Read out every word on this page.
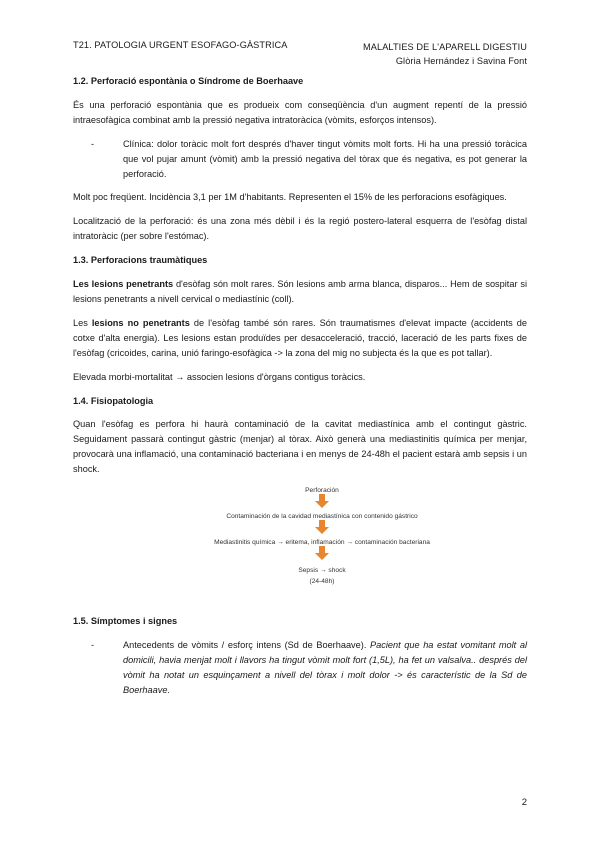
T21. PATOLOGIA URGENT ESOFAGO-GÀSTRICA	MALALTIES DE L'APARELL DIGESTIU
Glòria Hernández i Savina Font

1.2. Perforació espontània o Síndrome de Boerhaave

És una perforació espontània que es produeix com conseqüència d'un augment repentí de la pressió intraesofàgica combinat amb la pressió negativa intratoràcica (vòmits, esforços intensos).

-	Clínica: dolor toràcic molt fort després d'haver tingut vòmits molt forts. Hi ha una pressió toràcica que vol pujar amunt (vòmit) amb la pressió negativa del tòrax que és negativa, es pot generar la perforació.

Molt poc freqüent. Incidència 3,1 per 1M d'habitants. Representen el 15% de les perforacions esofàgiques.

Localització de la perforació: és una zona més dèbil i és la regió postero-lateral esquerra de l'esòfag distal intratoràcic (per sobre l'estómac).

1.3. Perforacions traumàtiques

Les lesions penetrants d'esòfag són molt rares. Són lesions amb arma blanca, disparos... Hem de sospitar si lesions penetrants a nivell cervical o mediastínic (coll).

Les lesions no penetrants de l'esòfag també són rares. Són traumatismes d'elevat impacte (accidents de cotxe d'alta energia). Les lesions estan produïdes per desacceleració, tracció, laceració de les parts fixes de l'esòfag (cricoides, carina, unió faringo-esofàgica -> la zona del mig no subjecta és la que es pot tallar).

Elevada morbi-mortalitat → associen lesions d'òrgans contigus toràcics.

1.4. Fisiopatologia

Quan l'esòfag es perfora hi haurà contaminació de la cavitat mediastínica amb el contingut gàstric. Seguidament passarà contingut gàstric (menjar) al tòrax. Això generà una mediastinitis química per menjar, provocarà una inflamació, una contaminació bacteriana i en menys de 24-48h el pacient estarà amb sepsis i un shock.

Perforación
Contaminación de la cavidad mediastínica con contenido gástrico
Mediastinitis química → eritema, inflamación → contaminación bacteriana
Sepsis → shock
(24-48h)

1.5. Símptomes i signes

-	Antecedents de vòmits / esforç intens (Sd de Boerhaave). Pacient que ha estat vomitant molt al domicili, havia menjat molt i llavors ha tingut vòmit molt fort (1,5L), ha fet un valsalva.. després del vòmit ha notat un esquinçament a nivell del tòrax i molt dolor -> és característic de la Sd de Boerhaave.
2
